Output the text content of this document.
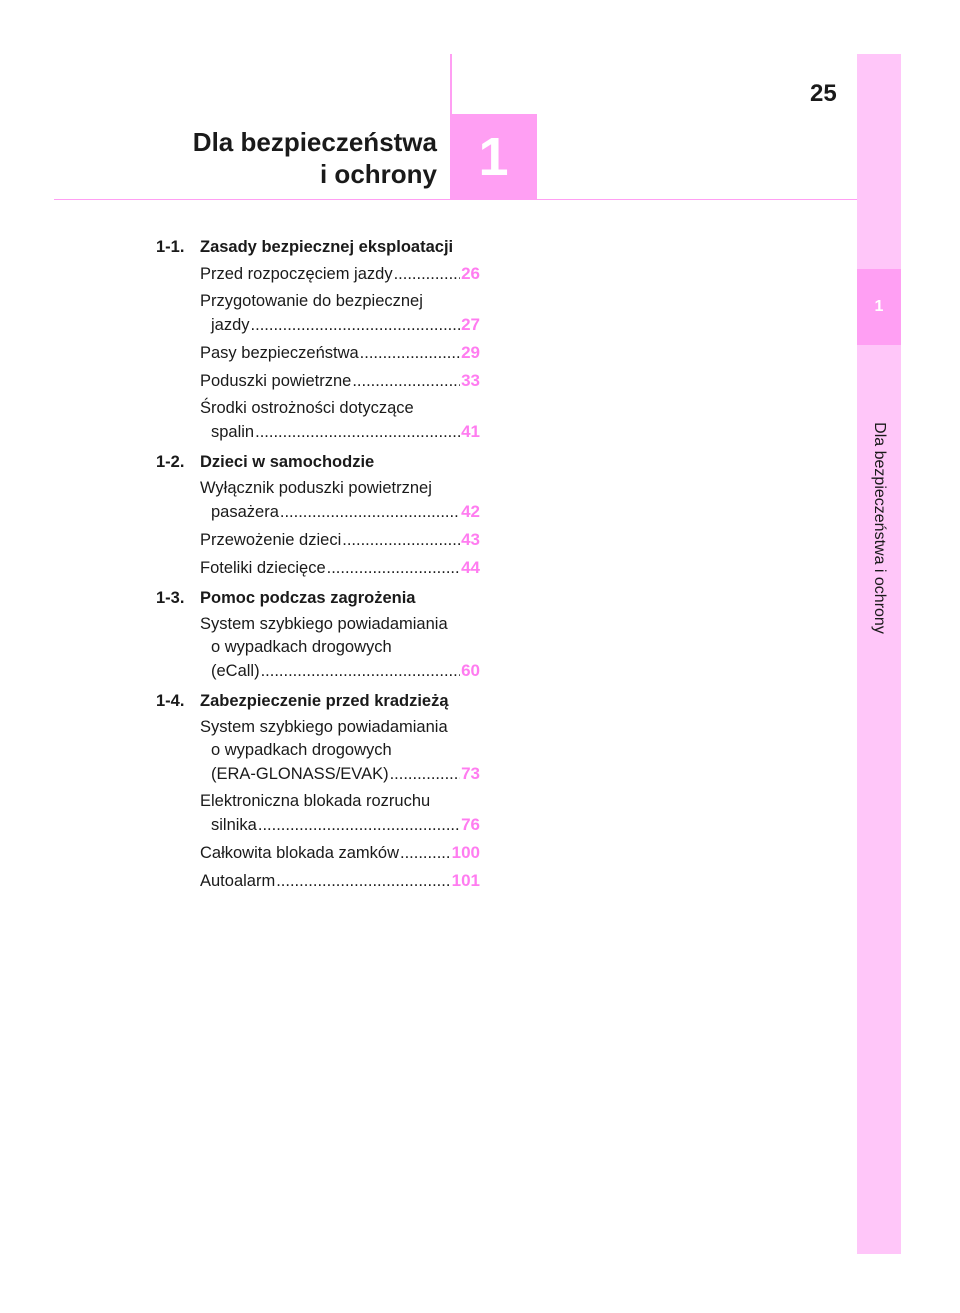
1
Dla bezpieczeństwa i ochrony
25
1
Dla bezpieczeństwa
i ochrony
1-1. Zasady bezpiecznej eksploatacji
Przed rozpoczęciem jazdy .....	26
Przygotowanie do bezpiecznej
jazdy .....	27
Pasy bezpieczeństwa .....	29
Poduszki powietrzne .....	33
Środki ostrożności dotyczące
spalin .....	41
1-2. Dzieci w samochodzie
Wyłącznik poduszki powietrznej
pasażera .....	42
Przewożenie dzieci .....	43
Foteliki dziecięce .....	44
1-3. Pomoc podczas zagrożenia
System szybkiego powiadamiania
o wypadkach drogowych
(eCall) .....	60
1-4. Zabezpieczenie przed kradzieżą
System szybkiego powiadamiania
o wypadkach drogowych
(ERA-GLONASS/EVAK) .....	73
Elektroniczna blokada rozruchu
silnika .....	76
Całkowita blokada zamków .....	100
Autoalarm .....	101
